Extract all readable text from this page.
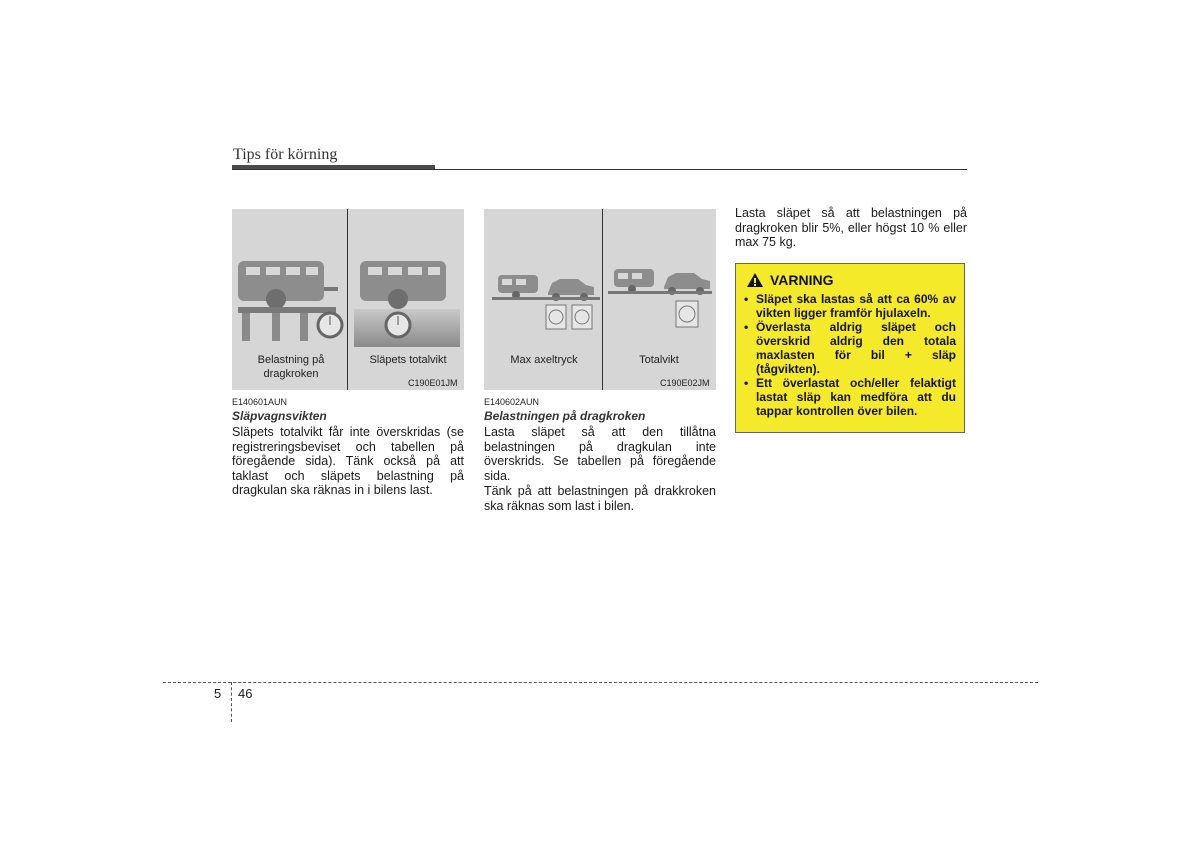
Tips för körning
Belastning på dragkroken
Släpets totalvikt
C190E01JM
Max axeltryck	Totalvikt
C190E02JM
E140601AUN
Släpvagnsvikten
Släpets totalvikt får inte överskridas (se registreringsbeviset och tabellen på föregående sida). Tänk också på att taklast och släpets belastning på dragkulan ska räknas in i bilens last.
E140602AUN
Belastningen på dragkroken
Lasta släpet så att den tillåtna belastningen på dragkulan inte överskrids. Se tabellen på föregående sida.
Tänk på att belastningen på drakkroken ska räknas som last i bilen.
Lasta släpet så att belastningen på dragkroken blir 5%, eller högst 10 % eller max 75 kg.
VARNING
• Släpet ska lastas så att ca 60% av vikten ligger framför hjulaxeln.
• Överlasta aldrig släpet och överskrid aldrig den totala maxlasten för bil + släp (tågvikten).
• Ett överlastat och/eller felaktigt lastat släp kan medföra att du tappar kontrollen över bilen.
5 46
